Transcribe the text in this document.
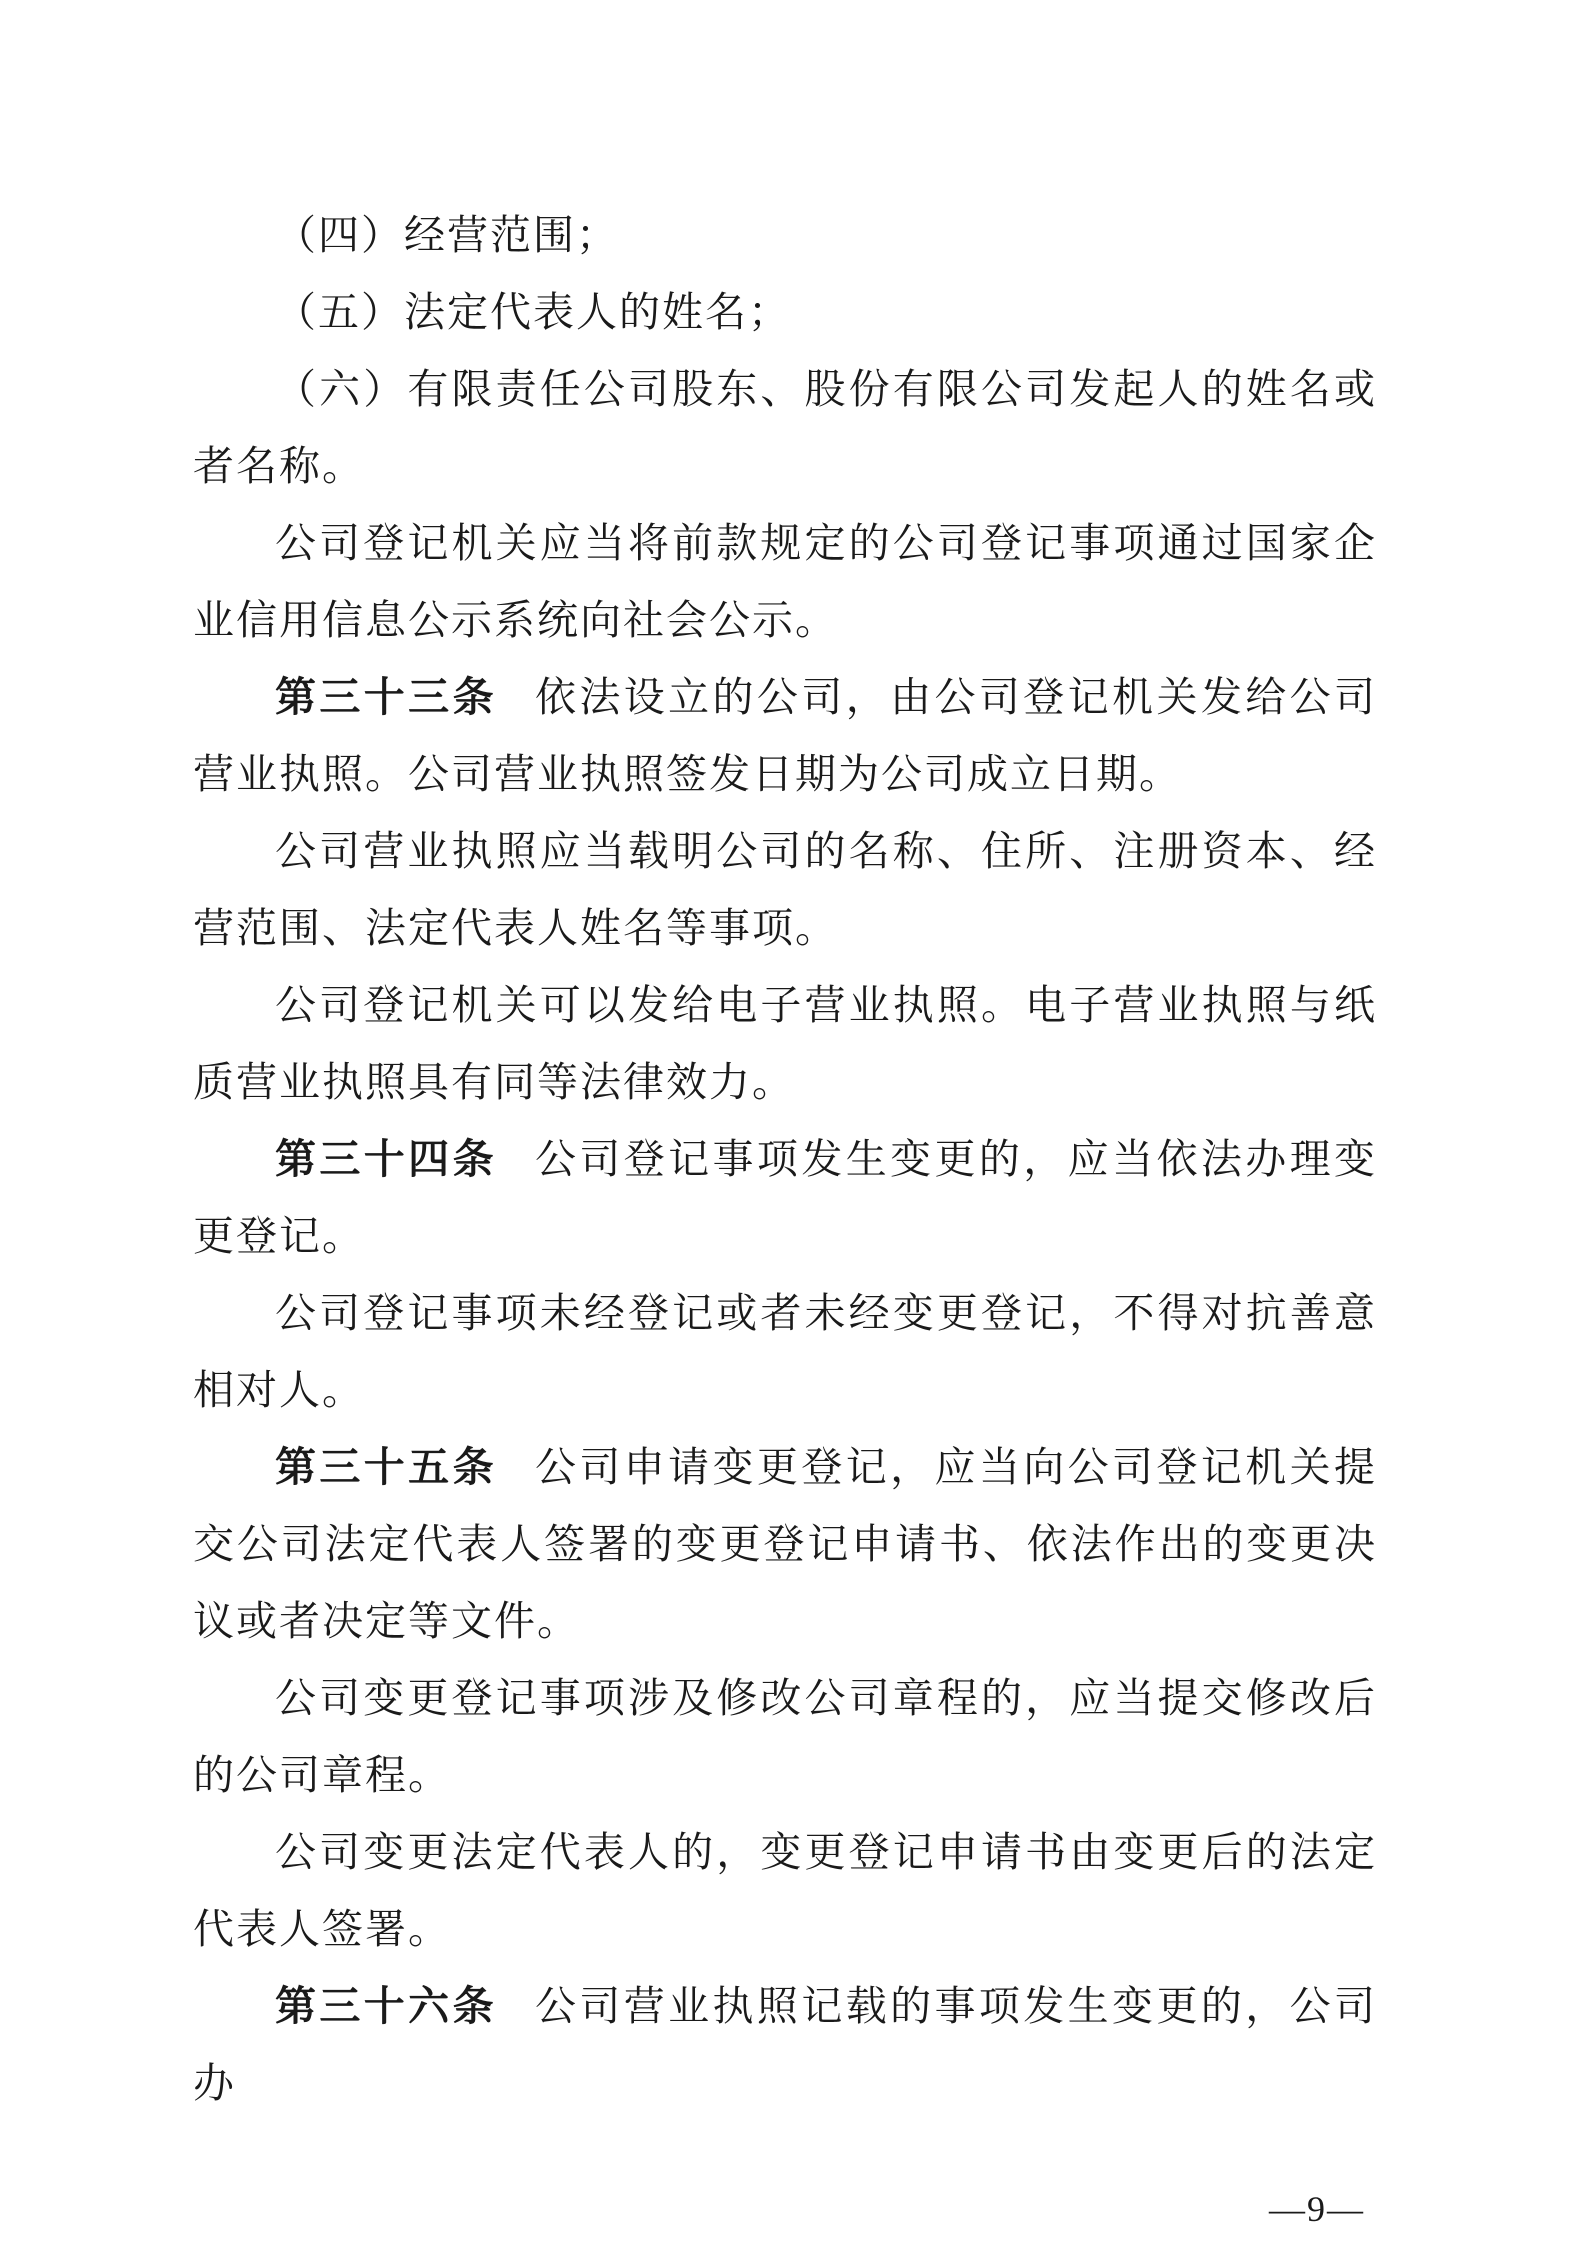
（四）经营范围；

（五）法定代表人的姓名；

（六）有限责任公司股东、股份有限公司发起人的姓名或者名称。

公司登记机关应当将前款规定的公司登记事项通过国家企业信用信息公示系统向社会公示。

第三十三条 依法设立的公司，由公司登记机关发给公司营业执照。公司营业执照签发日期为公司成立日期。

公司营业执照应当载明公司的名称、住所、注册资本、经营范围、法定代表人姓名等事项。

公司登记机关可以发给电子营业执照。电子营业执照与纸质营业执照具有同等法律效力。

第三十四条 公司登记事项发生变更的，应当依法办理变更登记。

公司登记事项未经登记或者未经变更登记，不得对抗善意相对人。

第三十五条 公司申请变更登记，应当向公司登记机关提交公司法定代表人签署的变更登记申请书、依法作出的变更决议或者决定等文件。

公司变更登记事项涉及修改公司章程的，应当提交修改后的公司章程。

公司变更法定代表人的，变更登记申请书由变更后的法定代表人签署。

第三十六条 公司营业执照记载的事项发生变更的，公司办

—9—
